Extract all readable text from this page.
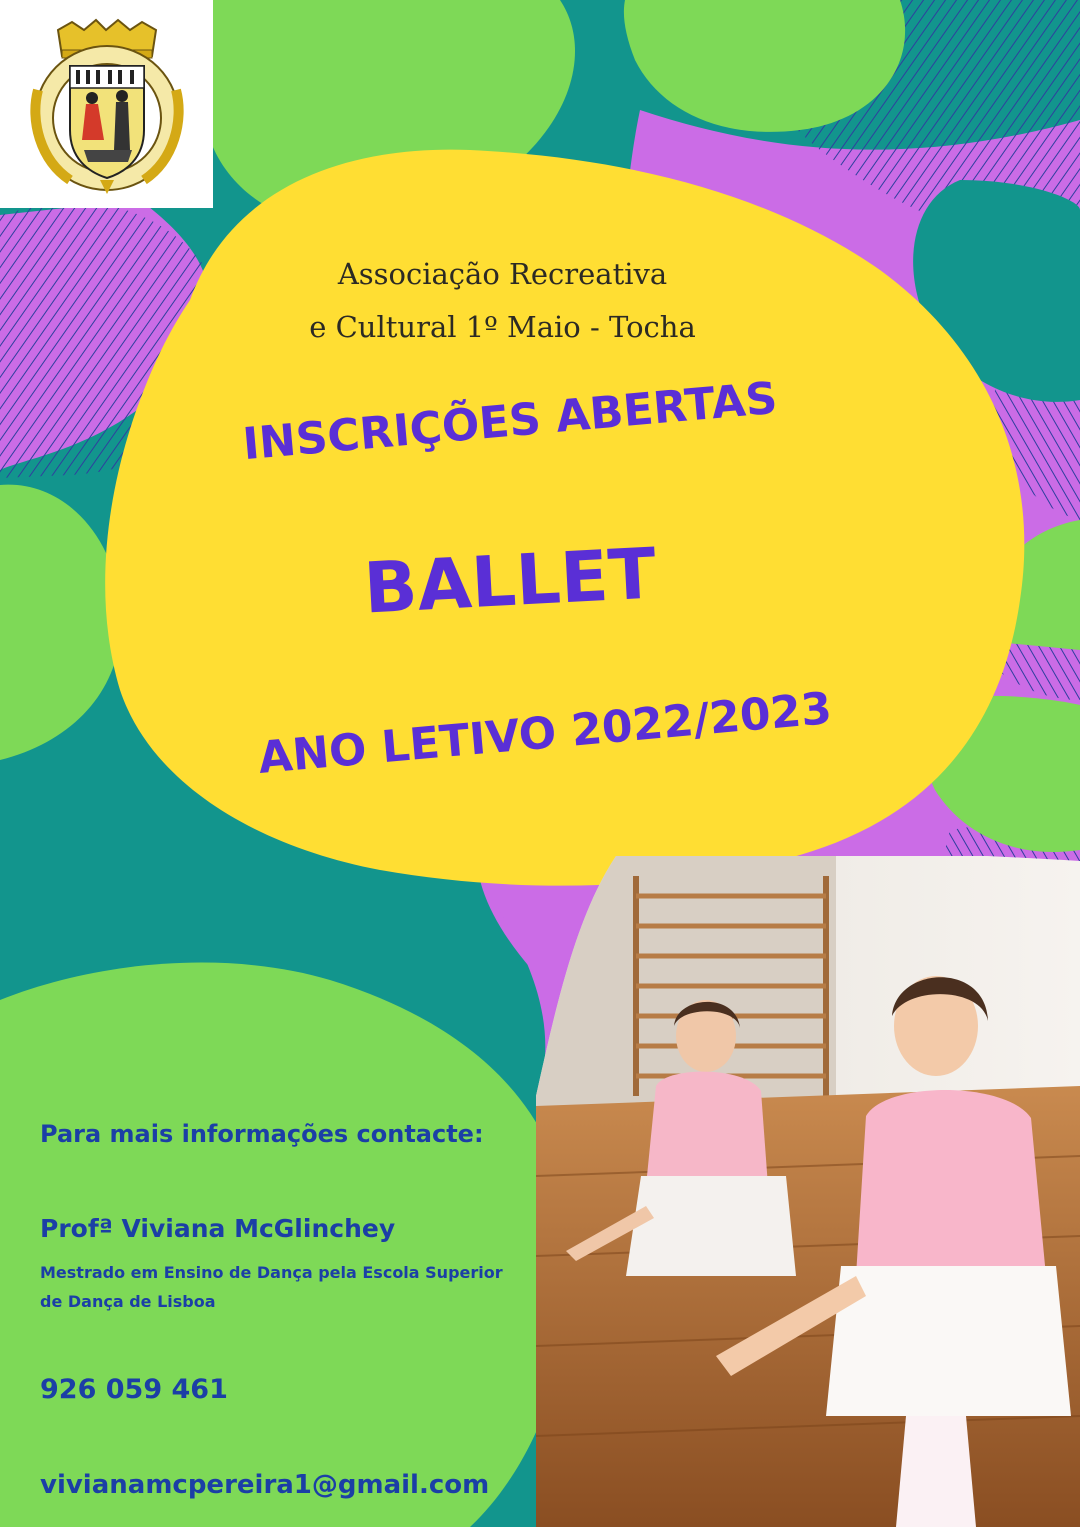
Associação Recreativa
e Cultural 1º Maio - Tocha
INSCRIÇÕES ABERTAS
BALLET
ANO LETIVO 2022/2023
Para mais informações contacte:
Profª Viviana McGlinchey
Mestrado em Ensino de Dança pela Escola Superior
de Dança de Lisboa
926 059 461
vivianamcpereira1@gmail.com
